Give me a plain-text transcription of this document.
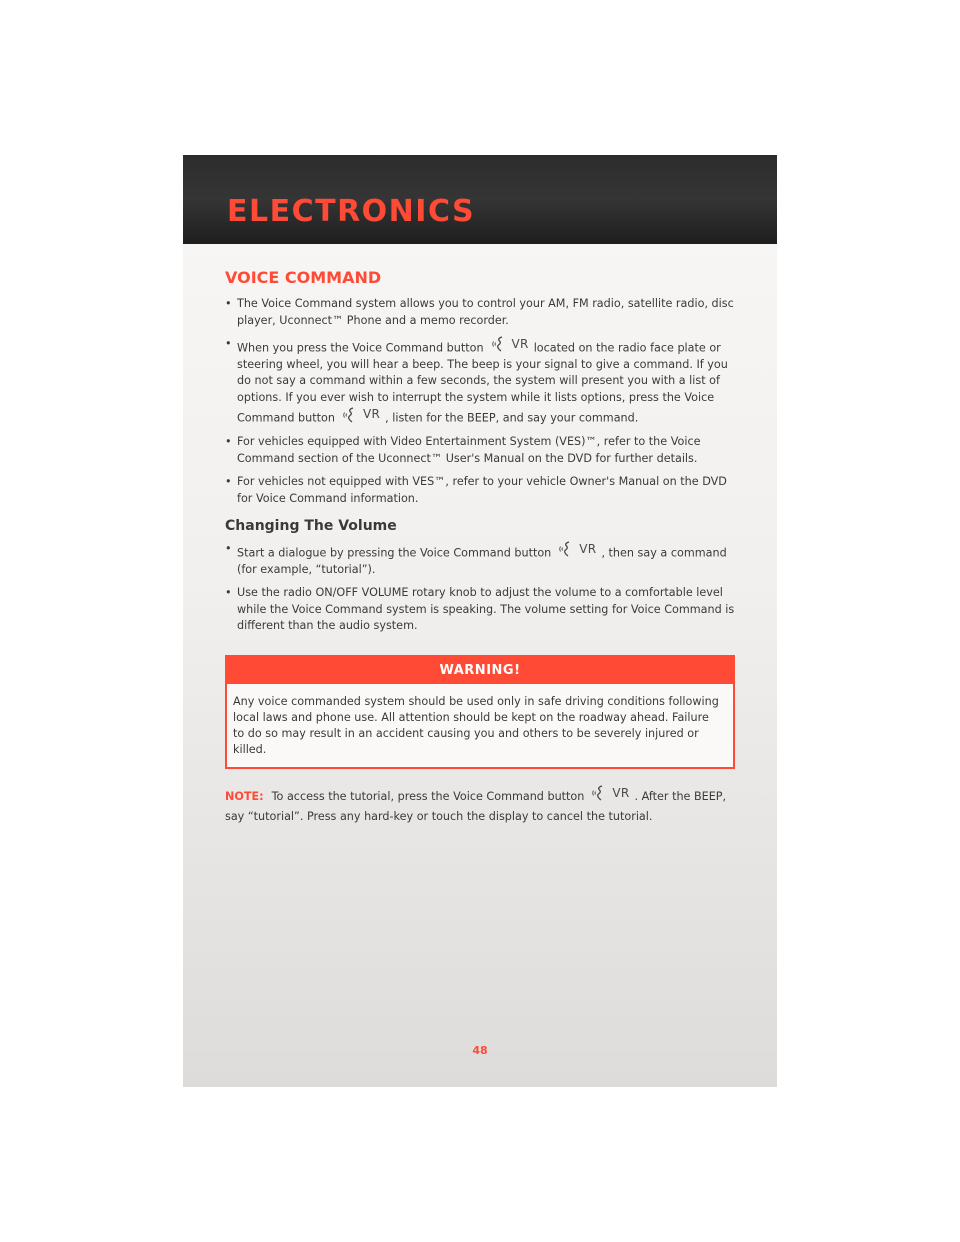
ELECTRONICS
VOICE COMMAND
• The Voice Command system allows you to control your AM, FM radio, satellite radio, disc player, Uconnect™ Phone and a memo recorder.
• When you press the Voice Command button VR located on the radio face plate or steering wheel, you will hear a beep. The beep is your signal to give a command. If you do not say a command within a few seconds, the system will present you with a list of options. If you ever wish to interrupt the system while it lists options, press the Voice Command button VR , listen for the BEEP, and say your command.
• For vehicles equipped with Video Entertainment System (VES)™, refer to the Voice Command section of the Uconnect™ User's Manual on the DVD for further details.
• For vehicles not equipped with VES™, refer to your vehicle Owner's Manual on the DVD for Voice Command information.
Changing The Volume
• Start a dialogue by pressing the Voice Command button VR , then say a command (for example, “tutorial”).
• Use the radio ON/OFF VOLUME rotary knob to adjust the volume to a comfortable level while the Voice Command system is speaking. The volume setting for Voice Command is different than the audio system.
WARNING!
Any voice commanded system should be used only in safe driving conditions following local laws and phone use. All attention should be kept on the roadway ahead. Failure to do so may result in an accident causing you and others to be severely injured or killed.

NOTE: To access the tutorial, press the Voice Command button VR . After the BEEP, say “tutorial”. Press any hard-key or touch the display to cancel the tutorial.

48
